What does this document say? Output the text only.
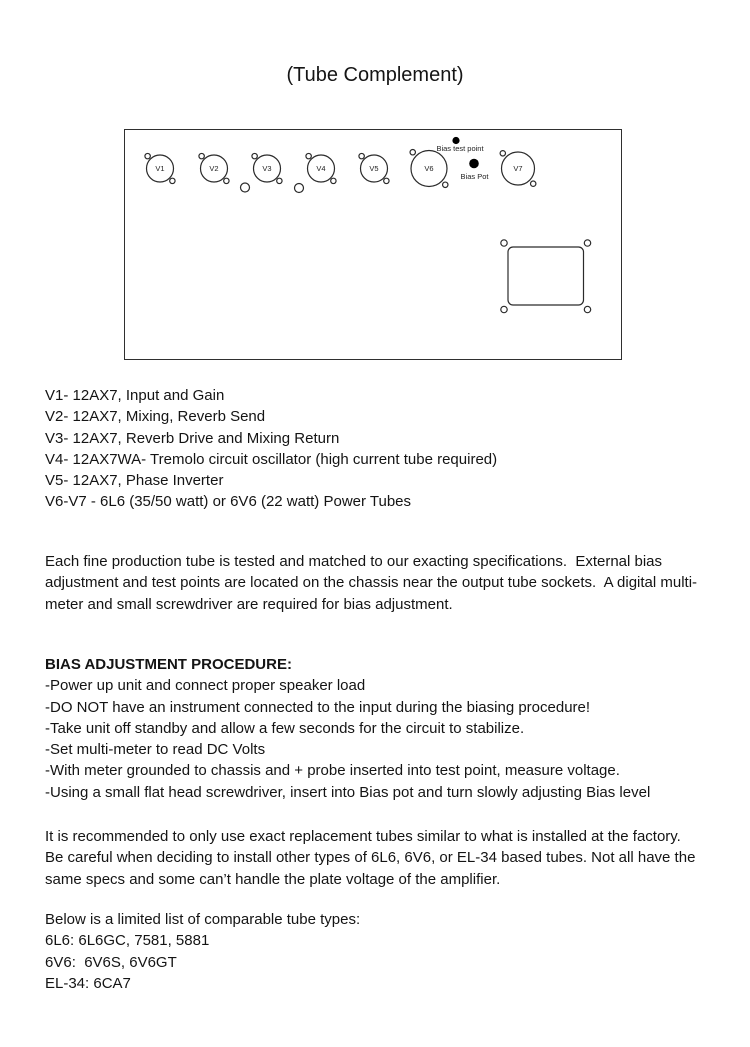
(Tube Complement)
V1	V2	V3	V4	V5	V6	V7
Bias test point
Bias Pot
V1- 12AX7, Input and Gain
V2- 12AX7, Mixing, Reverb Send
V3- 12AX7, Reverb Drive and Mixing Return
V4- 12AX7WA- Tremolo circuit oscillator (high current tube required)
V5- 12AX7, Phase Inverter
V6-V7 - 6L6 (35/50 watt) or 6V6 (22 watt) Power Tubes
Each fine production tube is tested and matched to our exacting specifications.  External bias
adjustment and test points are located on the chassis near the output tube sockets.  A digital multi-
meter and small screwdriver are required for bias adjustment.
BIAS ADJUSTMENT PROCEDURE:
-Power up unit and connect proper speaker load
-DO NOT have an instrument connected to the input during the biasing procedure!
-Take unit off standby and allow a few seconds for the circuit to stabilize.
-Set multi-meter to read DC Volts
-With meter grounded to chassis and + probe inserted into test point, measure voltage.
-Using a small flat head screwdriver, insert into Bias pot and turn slowly adjusting Bias level
It is recommended to only use exact replacement tubes similar to what is installed at the factory.
Be careful when deciding to install other types of 6L6, 6V6, or EL-34 based tubes. Not all have the
same specs and some can’t handle the plate voltage of the amplifier.
Below is a limited list of comparable tube types:
6L6: 6L6GC, 7581, 5881
6V6:  6V6S, 6V6GT
EL-34: 6CA7
